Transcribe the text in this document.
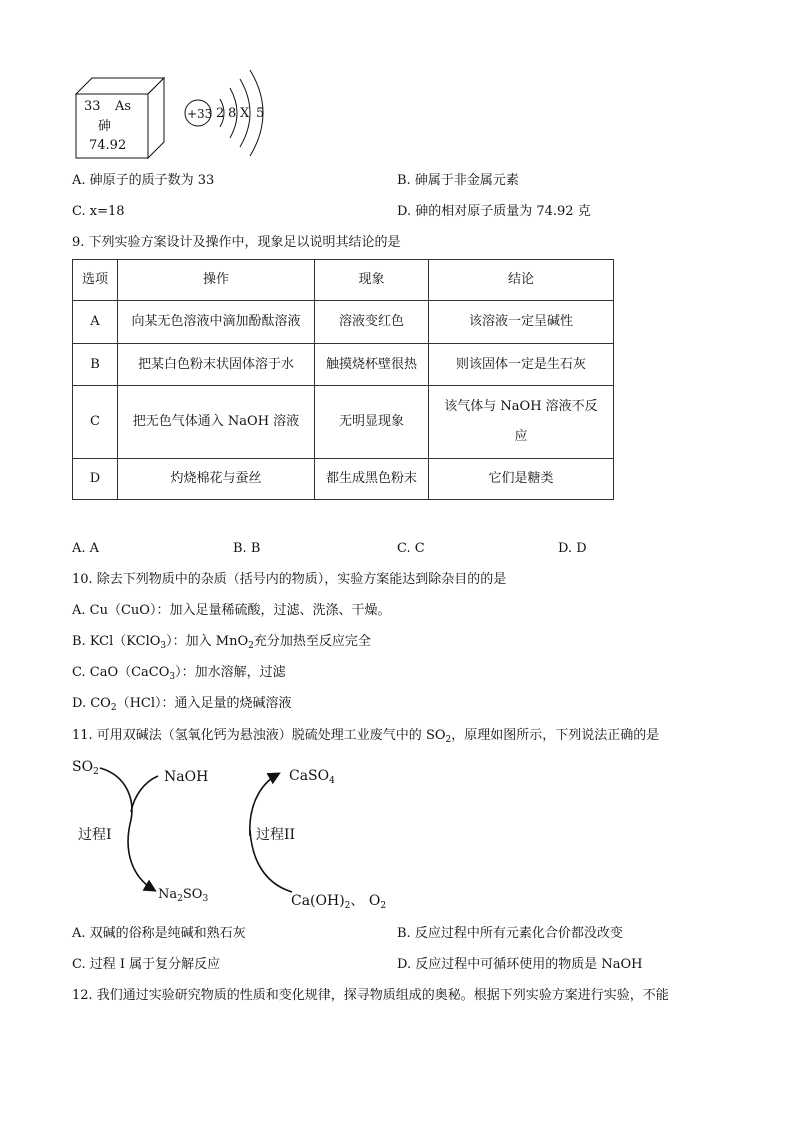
33 As
砷
74.92
+33 2 8 X 5
A. 砷原子的质子数为 33	B. 砷属于非金属元素
C. x=18	D. 砷的相对原子质量为 74.92 克
9. 下列实验方案设计及操作中，现象足以说明其结论的是
选项	操作	现象	结论
A	向某无色溶液中滴加酚酞溶液	溶液变红色	该溶液一定呈碱性
B	把某白色粉末状固体溶于水	触摸烧杯壁很热	则该固体一定是生石灰
C	把无色气体通入 NaOH 溶液	无明显现象	该气体与 NaOH 溶液不反
应

D	灼烧棉花与蚕丝	都生成黑色粉末	它们是糖类
A. A	B. B	C. C	D. D
10. 除去下列物质中的杂质（括号内的物质），实验方案能达到除杂目的的是
A. Cu（CuO）：加入足量稀硫酸，过滤、洗涤、干燥。
B. KCl（KClO$_3$）：加入 MnO$_2$充分加热至反应完全
C. CaO（CaCO$_3$）：加水溶解，过滤
D. $CO_2(HCl)$：通入足量的烧碱溶液
11. 可用双碱法（氢氧化钙为悬浊液）脱硫处理工业废气中的 $SO_2$，原理如图所示，下列说法正确的是
$SO_2$	NaOH	CaSO$_4$
过程I	过程II
$Na_2SO_3$	$Ca(OH)_2$、 $O_2$
A. 双碱的俗称是纯碱和熟石灰	B. 反应过程中所有元素化合价都没改变
C. 过程 I 属于复分解反应	D. 反应过程中可循环使用的物质是 NaOH
12. 我们通过实验研究物质的性质和变化规律，探寻物质组成的奥秘。根据下列实验方案进行实验，不能
